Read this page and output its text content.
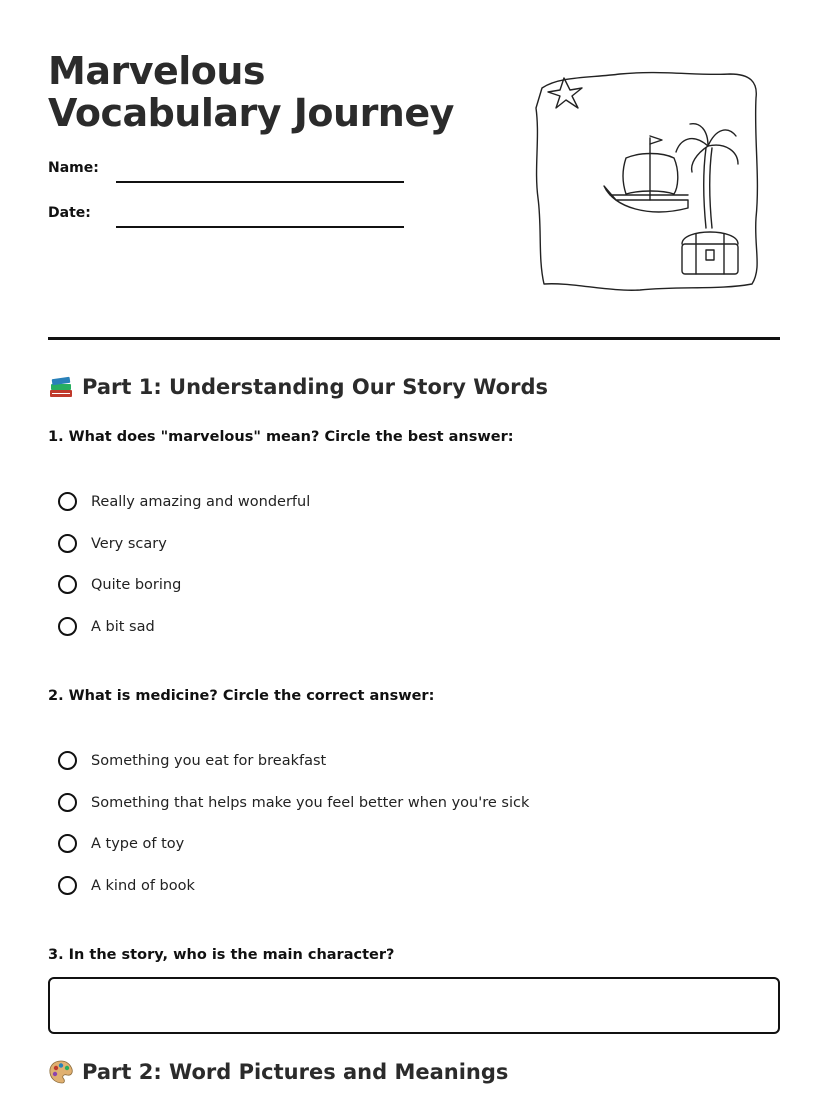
Marvelous Vocabulary Journey
Name:
Date:
Part 1: Understanding Our Story Words

1. What does "marvelous" mean? Circle the best answer:

Really amazing and wonderful
Very scary
Quite boring
A bit sad

2. What is medicine? Circle the correct answer:

Something you eat for breakfast
Something that helps make you feel better when you're sick
A type of toy
A kind of book

3. In the story, who is the main character?

Part 2: Word Pictures and Meanings
